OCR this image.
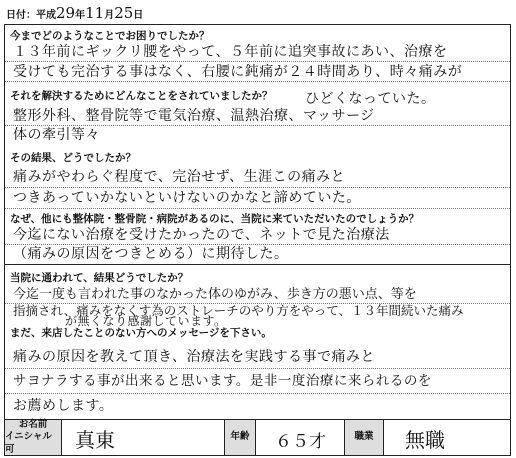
日付：平成29年11月25日
今までどのようなことでお困りでしたか？
１３年前にギックリ腰をやって、５年前に追突事故にあい、治療を
受けても完治する事はなく、右腰に鈍痛が２４時間あり、時々痛みが
ひどくなっていた。
それを解決するためにどんなことをされていましたか？
整形外科、整骨院等で電気治療、温熱治療、マッサージ
体の牽引等々
その結果、どうでしたか？
痛みがやわらぐ程度で、完治せず、生涯この痛みと
つきあっていかないといけないのかなと諦めていた。
なぜ、他にも整体院・整骨院・病院があるのに、当院に来ていただいたのでしょうか？
今迄にない治療を受けたかったので、ネットで見た治療法
（痛みの原因をつきとめる）に期待した。
当院に通われて、結果どうでしたか？
今迄一度も言われた事のなかった体のゆがみ、歩き方の悪い点、等を
指摘され、痛みをなくす為のストレーチのやり方をやって、１３年間続いた痛み
が無くなり感謝しています。
まだ、来店したことのない方へのメッセージを下さい。
痛みの原因を教えて頂き、治療法を実践する事で痛みと
サヨナラする事が出来ると思います。是非一度治療に来られるのを
お薦めします。
お名前
イニシャル可	真東	年齢 ６５才	職業 無職
